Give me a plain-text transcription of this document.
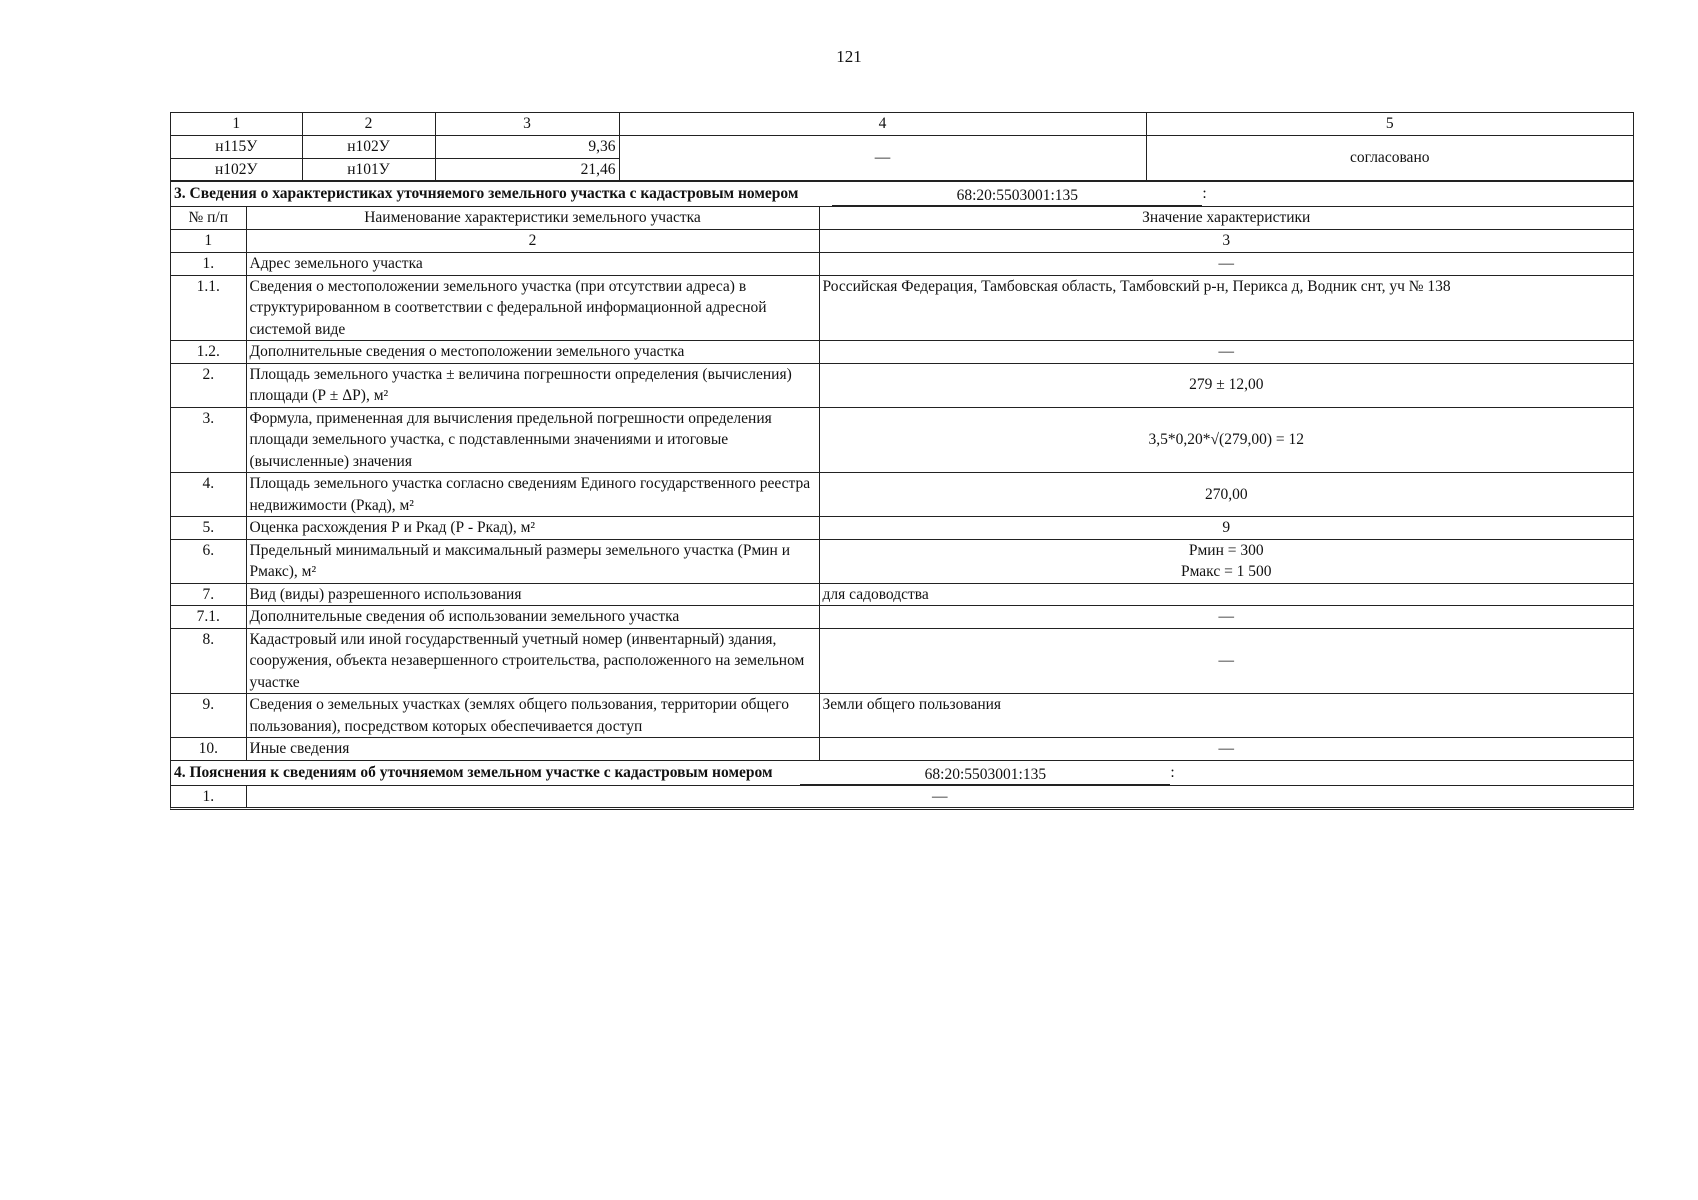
121
1	2	3	4	5
н115У	н102У	9,36	—	согласовано
н102У	н101У	21,46		
3. Сведения о характеристиках уточняемого земельного участка с кадастровым номером 68:20:5503001:135 :		
№ п/п	Наименование характеристики земельного участка	Значение характеристики
1	2	3
1.	Адрес земельного участка	—
1.1.	Сведения о местоположении земельного участка (при отсутствии адреса) в структурированном в соответствии с федеральной информационной адресной системой виде	Российская Федерация, Тамбовская область, Тамбовский р-н, Перикса д, Водник снт, уч № 138
1.2.	Дополнительные сведения о местоположении земельного участка	—
2.	Площадь земельного участка ± величина погрешности определения (вычисления) площади (Р ± ΔР), м²	279 ± 12,00
3.	Формула, примененная для вычисления предельной погрешности определения площади земельного участка, с подставленными значениями и итоговые (вычисленные) значения	3,5*0,20*√(279,00) = 12
4.	Площадь земельного участка согласно сведениям Единого государственного реестра недвижимости (Ркад), м²	270,00
5.	Оценка расхождения Р и Ркад (Р - Ркад), м²	9
6.	Предельный минимальный и максимальный размеры земельного участка (Рмин и Рмакс), м²	Рмин = 300
Рмакс = 1 500

7.	Вид (виды) разрешенного использования	для садоводства
7.1.	Дополнительные сведения об использовании земельного участка	—
8.	Кадастровый или иной государственный учетный номер (инвентарный) здания, сооружения, объекта незавершенного строительства, расположенного на земельном участке	—
9.	Сведения о земельных участках (землях общего пользования, территории общего пользования), посредством которых обеспечивается доступ	Земли общего пользования
10.	Иные сведения	—
4. Пояснения к сведениям об уточняемом земельном участке с кадастровым номером 68:20:5503001:135 :		
1.	—	
